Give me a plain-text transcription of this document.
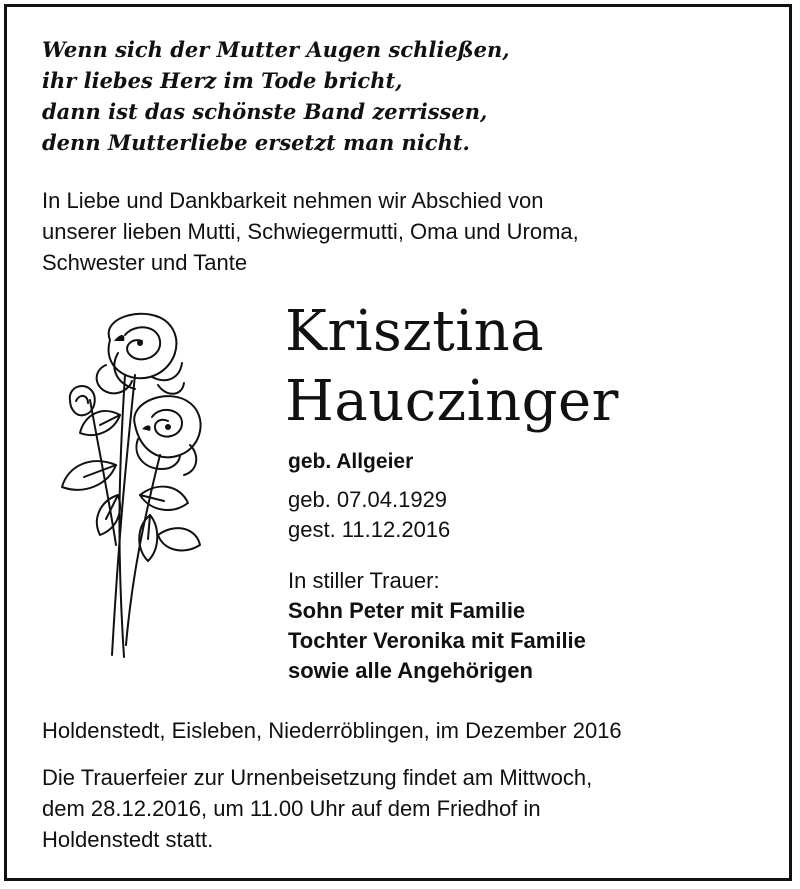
Wenn sich der Mutter Augen schließen,
ihr liebes Herz im Tode bricht,
dann ist das schönste Band zerrissen,
denn Mutterliebe ersetzt man nicht.
In Liebe und Dankbarkeit nehmen wir Abschied von
unserer lieben Mutti, Schwiegermutti, Oma und Uroma,
Schwester und Tante
Krisztina
Hauczinger
geb. Allgeier
geb. 07.04.1929
gest. 11.12.2016
In stiller Trauer:
Sohn Peter mit Familie
Tochter Veronika mit Familie
sowie alle Angehörigen
Holdenstedt, Eisleben, Niederröblingen, im Dezember 2016
Die Trauerfeier zur Urnenbeisetzung findet am Mittwoch,
dem 28.12.2016, um 11.00 Uhr auf dem Friedhof in
Holdenstedt statt.
